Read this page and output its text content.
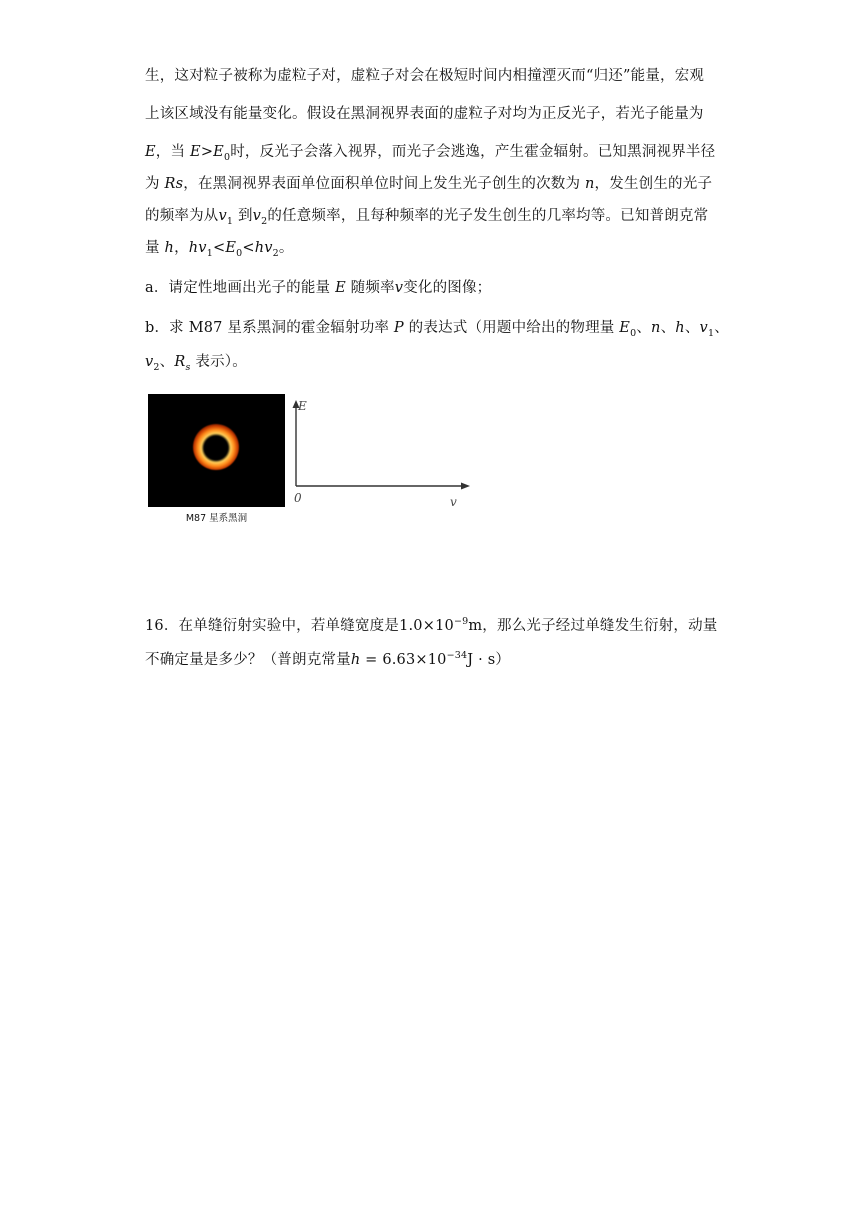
生，这对粒子被称为虚粒子对，虚粒子对会在极短时间内相撞湮灭而“归还”能量，宏观
上该区域没有能量变化。假设在黑洞视界表面的虚粒子对均为正反光子，若光子能量为
E，当 $E>E_0$时，反光子会落入视界，而光子会逃逸，产生霍金辐射。已知黑洞视界半径
为 Rs，在黑洞视界表面单位面积单位时间上发生光子创生的次数为 n，发生创生的光子
的频率为从$v_1$ 到$v_2$的任意频率，且每种频率的光子发生创生的几率均等。已知普朗克常
量 h，$hv_1<E_0<hv_2$。
a．请定性地画出光子的能量 E 随频率v变化的图像；
b．求 M87 星系黑洞的霍金辐射功率 P 的表达式（用题中给出的物理量 $E_0$、n、h、$v_1$、
$v_2$、$R_s$ 表示）。
M87 星系黑洞
E
0	v
16．在单缝衍射实验中，若单缝宽度是$1.0\times 10^{-9}m$，那么光子经过单缝发生衍射，动量
不确定量是多少？（普朗克常量$h = 6.63\times 10^{-34}J \cdot s$）
